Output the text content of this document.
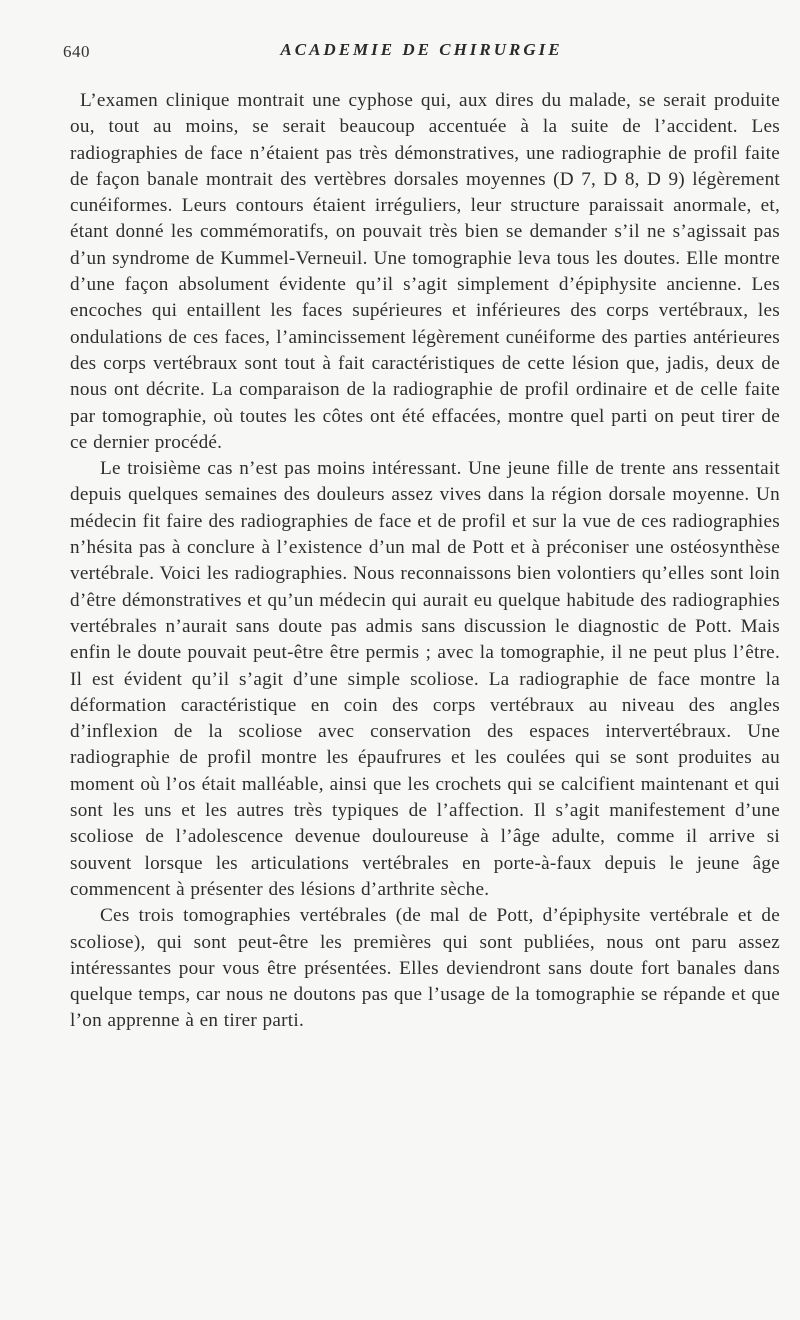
640	ACADEMIE DE CHIRURGIE

L’examen clinique montrait une cyphose qui, aux dires du malade, se serait produite ou, tout au moins, se serait beaucoup accentuée à la suite de l’accident. Les radiographies de face n’étaient pas très démonstratives, une radiographie de profil faite de façon banale montrait des vertèbres dorsales moyennes (D 7, D 8, D 9) légèrement cunéiformes. Leurs contours étaient irréguliers, leur structure paraissait anormale, et, étant donné les commémoratifs, on pouvait très bien se demander s’il ne s’agissait pas d’un syndrome de Kummel-Verneuil. Une tomographie leva tous les doutes. Elle montre d’une façon absolument évidente qu’il s’agit simplement d’épiphysite ancienne. Les encoches qui entaillent les faces supérieures et inférieures des corps vertébraux, les ondulations de ces faces, l’amincissement légèrement cunéiforme des parties antérieures des corps vertébraux sont tout à fait caractéristiques de cette lésion que, jadis, deux de nous ont décrite. La comparaison de la radiographie de profil ordinaire et de celle faite par tomographie, où toutes les côtes ont été effacées, montre quel parti on peut tirer de ce dernier procédé.

Le troisième cas n’est pas moins intéressant. Une jeune fille de trente ans ressentait depuis quelques semaines des douleurs assez vives dans la région dorsale moyenne. Un médecin fit faire des radiographies de face et de profil et sur la vue de ces radiographies n’hésita pas à conclure à l’existence d’un mal de Pott et à préconiser une ostéosynthèse vertébrale. Voici les radiographies. Nous reconnaissons bien volontiers qu’elles sont loin d’être démonstratives et qu’un médecin qui aurait eu quelque habitude des radiographies vertébrales n’aurait sans doute pas admis sans discussion le diagnostic de Pott. Mais enfin le doute pouvait peut-être être permis ; avec la tomographie, il ne peut plus l’être. Il est évident qu’il s’agit d’une simple scoliose. La radiographie de face montre la déformation caractéristique en coin des corps vertébraux au niveau des angles d’inflexion de la scoliose avec conservation des espaces intervertébraux. Une radiographie de profil montre les épaufrures et les coulées qui se sont produites au moment où l’os était malléable, ainsi que les crochets qui se calcifient maintenant et qui sont les uns et les autres très typiques de l’affection. Il s’agit manifestement d’une scoliose de l’adolescence devenue douloureuse à l’âge adulte, comme il arrive si souvent lorsque les articulations vertébrales en porte-à-faux depuis le jeune âge commencent à présenter des lésions d’arthrite sèche.

Ces trois tomographies vertébrales (de mal de Pott, d’épiphysite vertébrale et de scoliose), qui sont peut-être les premières qui sont publiées, nous ont paru assez intéressantes pour vous être présentées. Elles deviendront sans doute fort banales dans quelque temps, car nous ne doutons pas que l’usage de la tomographie se répande et que l’on apprenne à en tirer parti.
